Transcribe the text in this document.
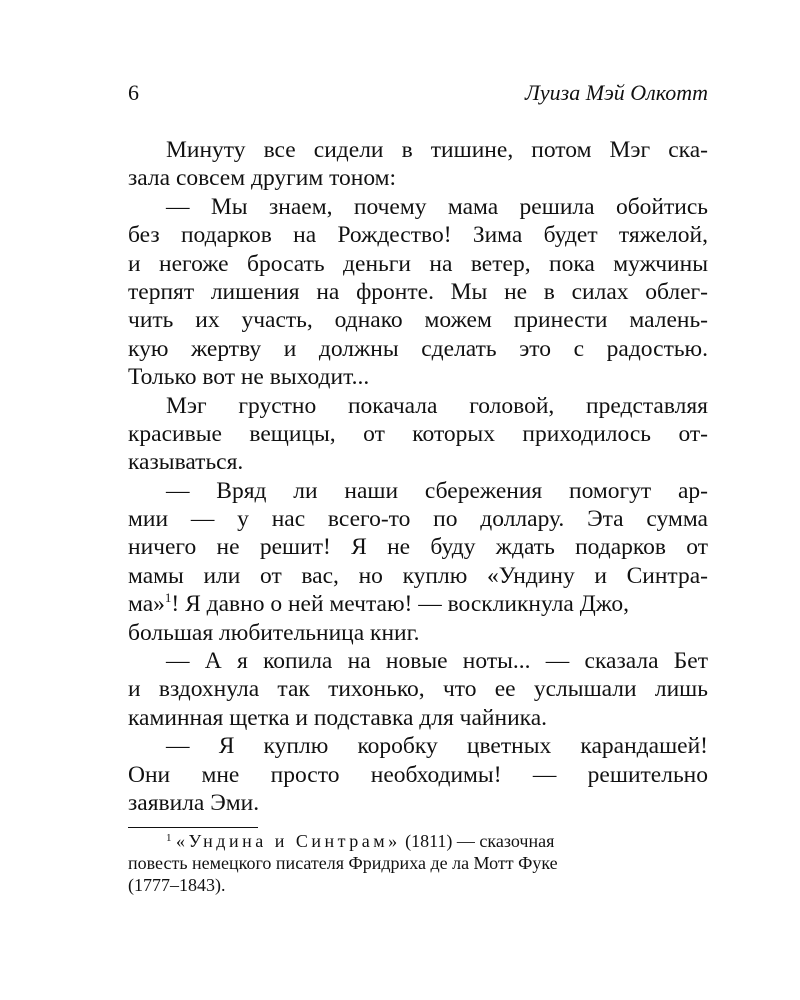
6	Луиза Мэй Олкотт
Минуту все сидели в тишине, потом Мэг ска-
зала совсем другим тоном:
— Мы знаем, почему мама решила обойтись
без подарков на Рождество! Зима будет тяжелой,
и негоже бросать деньги на ветер, пока мужчины
терпят лишения на фронте. Мы не в силах облег-
чить их участь, однако можем принести малень-
кую жертву и должны сделать это с радостью.
Только вот не выходит...
Мэг грустно покачала головой, представляя
красивые вещицы, от которых приходилось от-
казываться.
— Вряд ли наши сбережения помогут ар-
мии — у нас всего-то по доллару. Эта сумма
ничего не решит! Я не буду ждать подарков от
мамы или от вас, но куплю «Ундину и Синтра-
ма»$^1$! Я давно о ней мечтаю! — воскликнула Джо,
большая любительница книг.
— А я копила на новые ноты... — сказала Бет
и вздохнула так тихонько, что ее услышали лишь
каминная щетка и подставка для чайника.
— Я куплю коробку цветных карандашей!
Они мне просто необходимы! — решительно
заявила Эми.
$^1$ «Ундина и Синтрам» (1811) — сказочная
повесть немецкого писателя Фридриха де ла Мотт Фуке
(1777–1843).
